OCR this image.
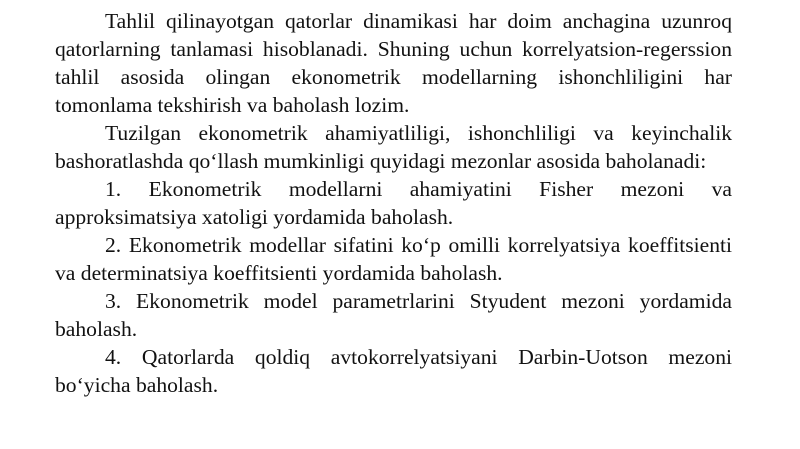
Tahlil qilinayotgan qatorlar dinamikasi har doim anchagina uzunroq qatorlarning tanlamasi hisoblanadi. Shuning uchun korrelyatsion-regerssion tahlil asosida olingan ekonometrik modellarning ishonchliligini har tomonlama tekshirish va baholash lozim.

Tuzilgan ekonometrik ahamiyatliligi, ishonchliligi va keyinchalik bashoratlashda qo‘llash mumkinligi quyidagi mezonlar asosida baholanadi:

1. Ekonometrik modellarni ahamiyatini Fisher mezoni va approksimatsiya xatoligi yordamida baholash.

2. Ekonometrik modellar sifatini ko‘p omilli korrelyatsiya koeffitsienti va determinatsiya koeffitsienti yordamida baholash.

3. Ekonometrik model parametrlarini Styudent mezoni yordamida baholash.

4. Qatorlarda qoldiq avtokorrelyatsiyani Darbin-Uotson mezoni bo‘yicha baholash.
